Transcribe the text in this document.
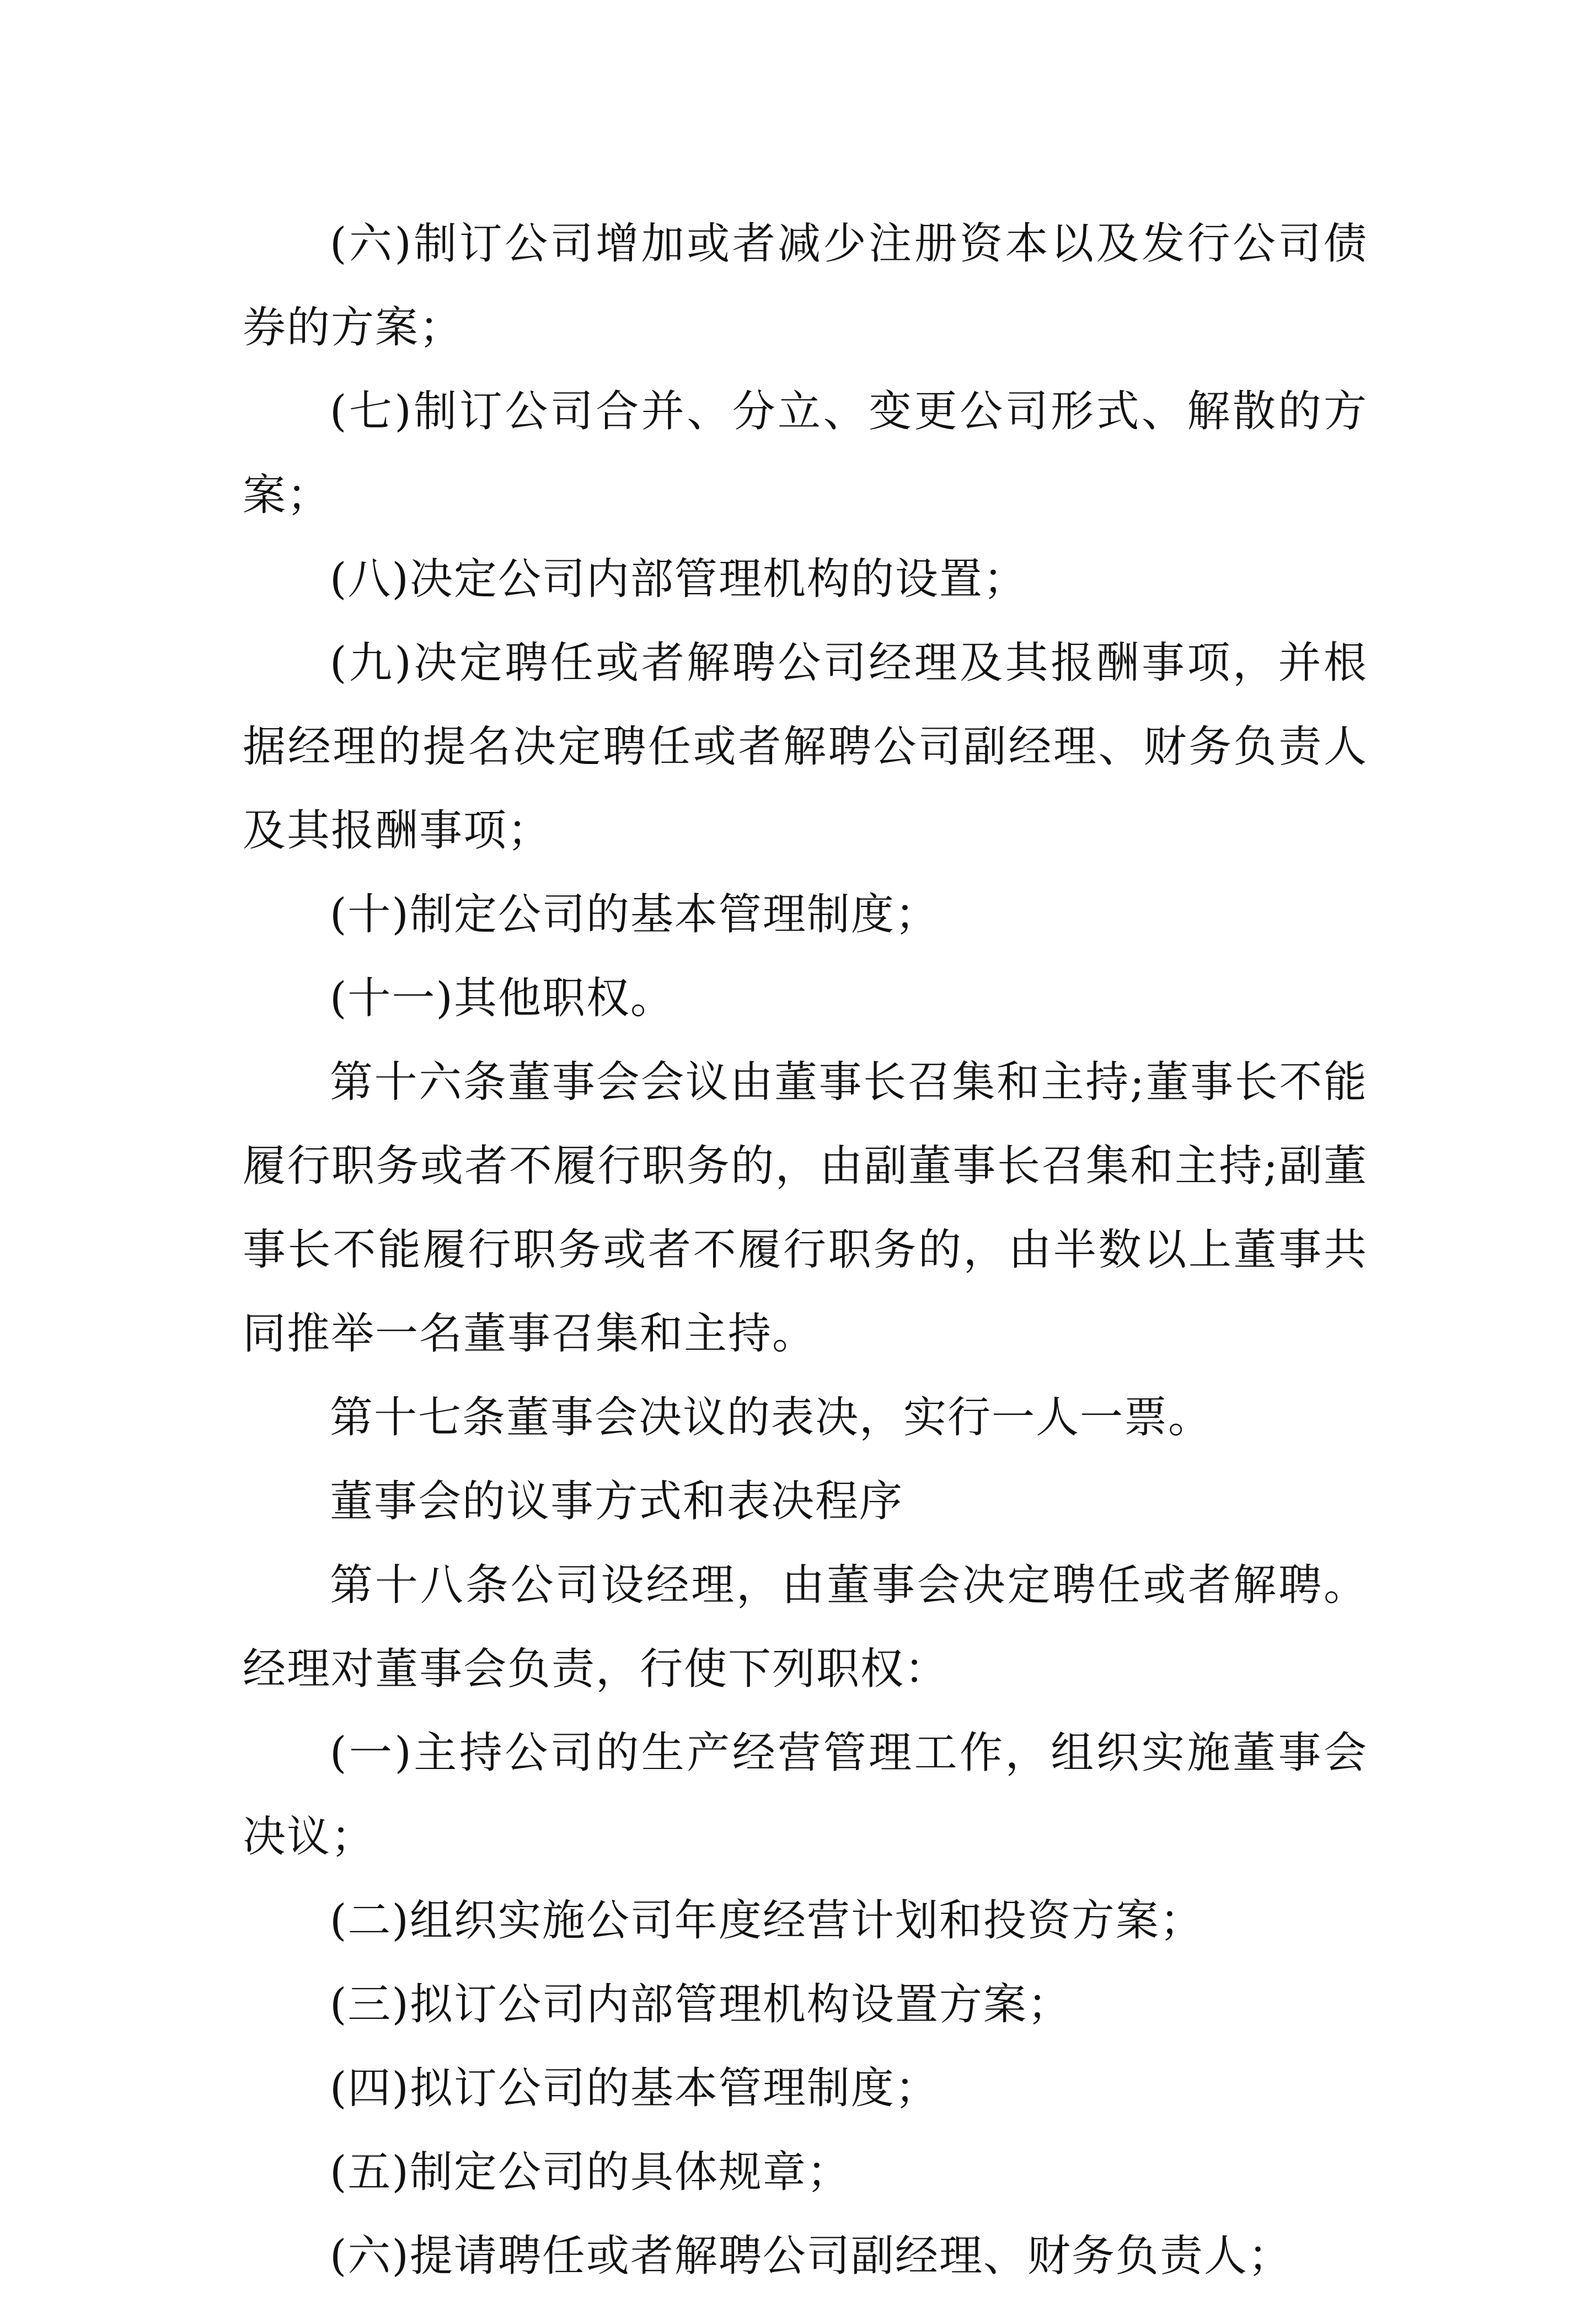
(六)制订公司增加或者减少注册资本以及发行公司债券的方案；

(七)制订公司合并、分立、变更公司形式、解散的方案；

(八)决定公司内部管理机构的设置；

(九)决定聘任或者解聘公司经理及其报酬事项，并根据经理的提名决定聘任或者解聘公司副经理、财务负责人及其报酬事项；

(十)制定公司的基本管理制度；

(十一)其他职权。

第十六条董事会会议由董事长召集和主持;董事长不能履行职务或者不履行职务的，由副董事长召集和主持;副董事长不能履行职务或者不履行职务的，由半数以上董事共同推举一名董事召集和主持。

第十七条董事会决议的表决，实行一人一票。

董事会的议事方式和表决程序

第十八条公司设经理，由董事会决定聘任或者解聘。经理对董事会负责，行使下列职权：

(一)主持公司的生产经营管理工作，组织实施董事会决议；

(二)组织实施公司年度经营计划和投资方案；

(三)拟订公司内部管理机构设置方案；

(四)拟订公司的基本管理制度；

(五)制定公司的具体规章；

(六)提请聘任或者解聘公司副经理、财务负责人；
